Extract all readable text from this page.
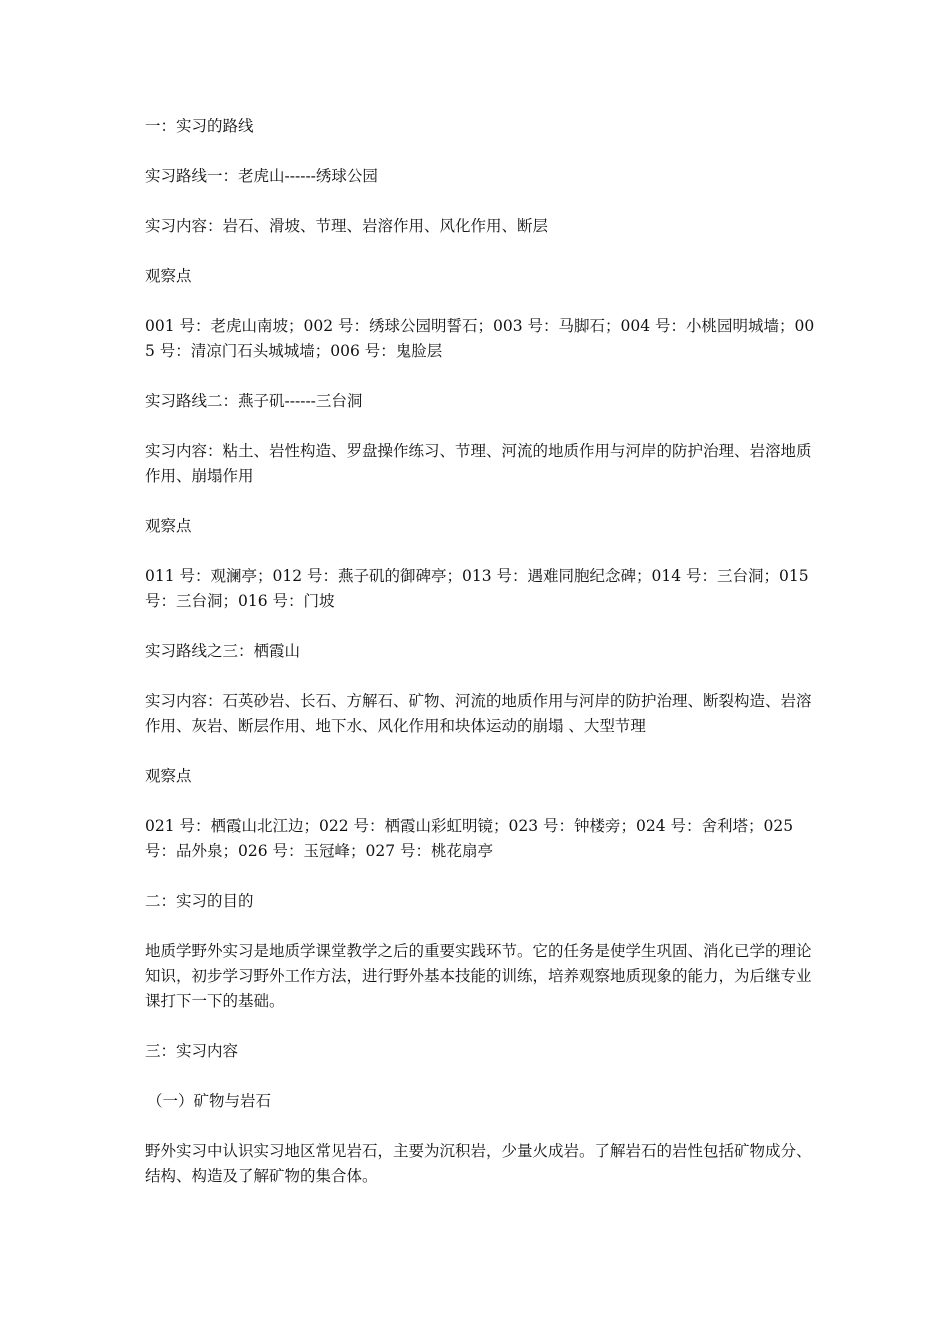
一：实习的路线

实习路线一：老虎山------绣球公园

实习内容：岩石、滑坡、节理、岩溶作用、风化作用、断层

观察点

001 号：老虎山南坡；002 号：绣球公园明誓石；003 号：马脚石；004 号：小桃园明城墙；005 号：清凉门石头城城墙；006 号：鬼脸层

实习路线二：燕子矶------三台洞

实习内容：粘土、岩性构造、罗盘操作练习、节理、河流的地质作用与河岸的防护治理、岩溶地质作用、崩塌作用

观察点

011 号：观澜亭；012 号：燕子矶的御碑亭；013 号：遇难同胞纪念碑；014 号：三台洞；015 号：三台洞；016 号：门坡

实习路线之三：栖霞山

实习内容：石英砂岩、长石、方解石、矿物、河流的地质作用与河岸的防护治理、断裂构造、岩溶作用、灰岩、断层作用、地下水、风化作用和块体运动的崩塌 、大型节理

观察点

021 号：栖霞山北江边；022 号：栖霞山彩虹明镜；023 号：钟楼旁；024 号：舍利塔；025 号：品外泉；026 号：玉冠峰；027 号：桃花扇亭

二：实习的目的

地质学野外实习是地质学课堂教学之后的重要实践环节。它的任务是使学生巩固、消化已学的理论知识，初步学习野外工作方法，进行野外基本技能的训练，培养观察地质现象的能力，为后继专业课打下一下的基础。

三：实习内容

（一）矿物与岩石

野外实习中认识实习地区常见岩石，主要为沉积岩，少量火成岩。了解岩石的岩性包括矿物成分、结构、构造及了解矿物的集合体。
